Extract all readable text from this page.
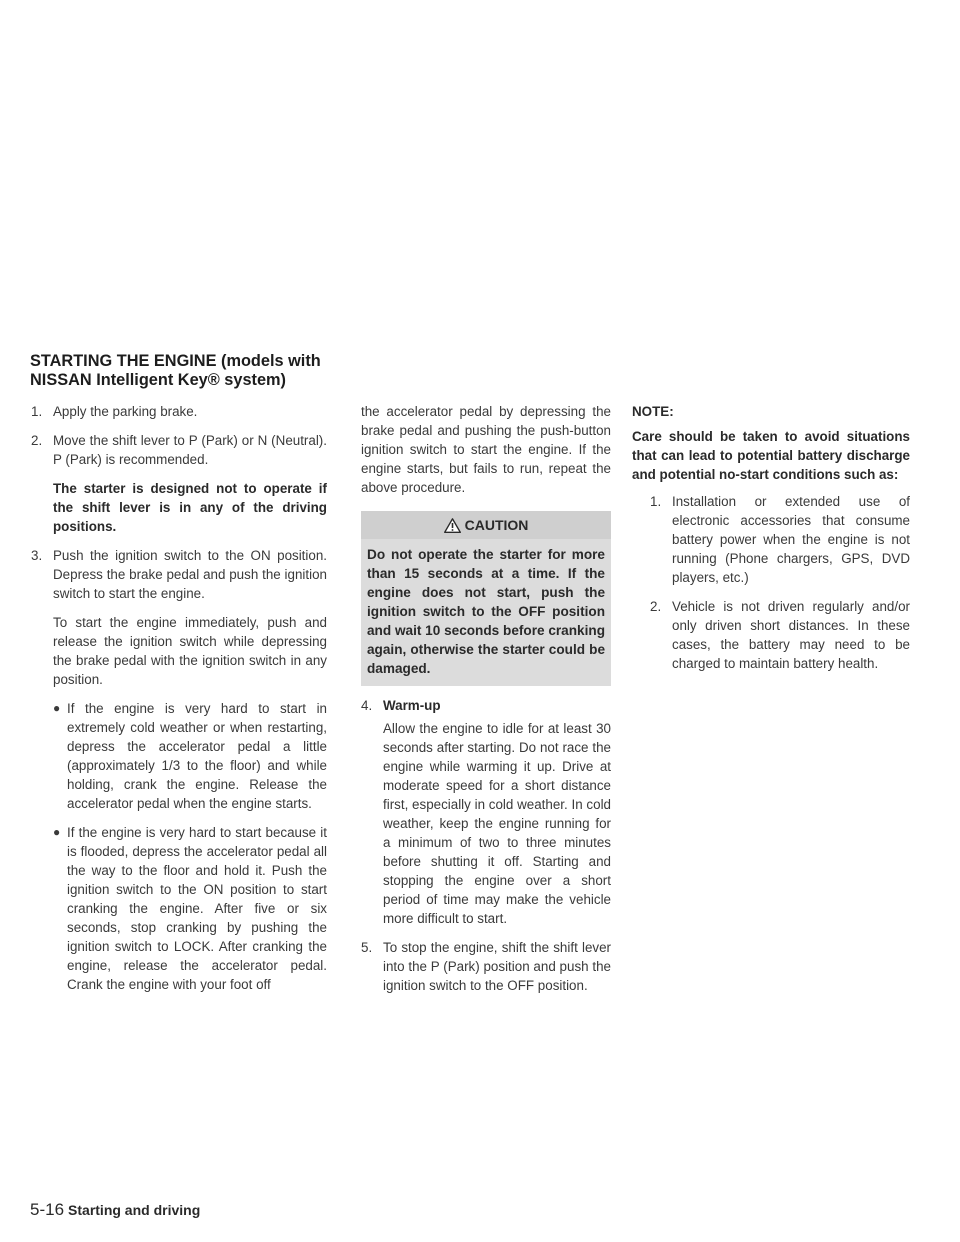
STARTING THE ENGINE (models with NISSAN Intelligent Key® system)
1. Apply the parking brake.
2. Move the shift lever to P (Park) or N (Neutral). P (Park) is recommended.

The starter is designed not to operate if the shift lever is in any of the driving positions.

3. Push the ignition switch to the ON position. Depress the brake pedal and push the ignition switch to start the engine.

To start the engine immediately, push and release the ignition switch while depressing the brake pedal with the ignition switch in any position.

● If the engine is very hard to start in extremely cold weather or when restarting, depress the accelerator pedal a little (approximately 1/3 to the floor) and while holding, crank the engine. Release the accelerator pedal when the engine starts.
● If the engine is very hard to start because it is flooded, depress the accelerator pedal all the way to the floor and hold it. Push the ignition switch to the ON position to start cranking the engine. After five or six seconds, stop cranking by pushing the ignition switch to LOCK. After cranking the engine, release the accelerator pedal. Crank the engine with your foot off

the accelerator pedal by depressing the brake pedal and pushing the push-button ignition switch to start the engine. If the engine starts, but fails to run, repeat the above procedure.

CAUTION
Do not operate the starter for more than 15 seconds at a time. If the engine does not start, push the ignition switch to the OFF position and wait 10 seconds before cranking again, otherwise the starter could be damaged.
4. Warm-up

Allow the engine to idle for at least 30 seconds after starting. Do not race the engine while warming it up. Drive at moderate speed for a short distance first, especially in cold weather. In cold weather, keep the engine running for a minimum of two to three minutes before shutting it off. Starting and stopping the engine over a short period of time may make the vehicle more difficult to start.

5. To stop the engine, shift the shift lever into the P (Park) position and push the ignition switch to the OFF position.

NOTE:

Care should be taken to avoid situations that can lead to potential battery discharge and potential no-start conditions such as:

1. Installation or extended use of electronic accessories that consume battery power when the engine is not running (Phone chargers, GPS, DVD players, etc.)
2. Vehicle is not driven regularly and/or only driven short distances. In these cases, the battery may need to be charged to maintain battery health.
5-16 Starting and driving
